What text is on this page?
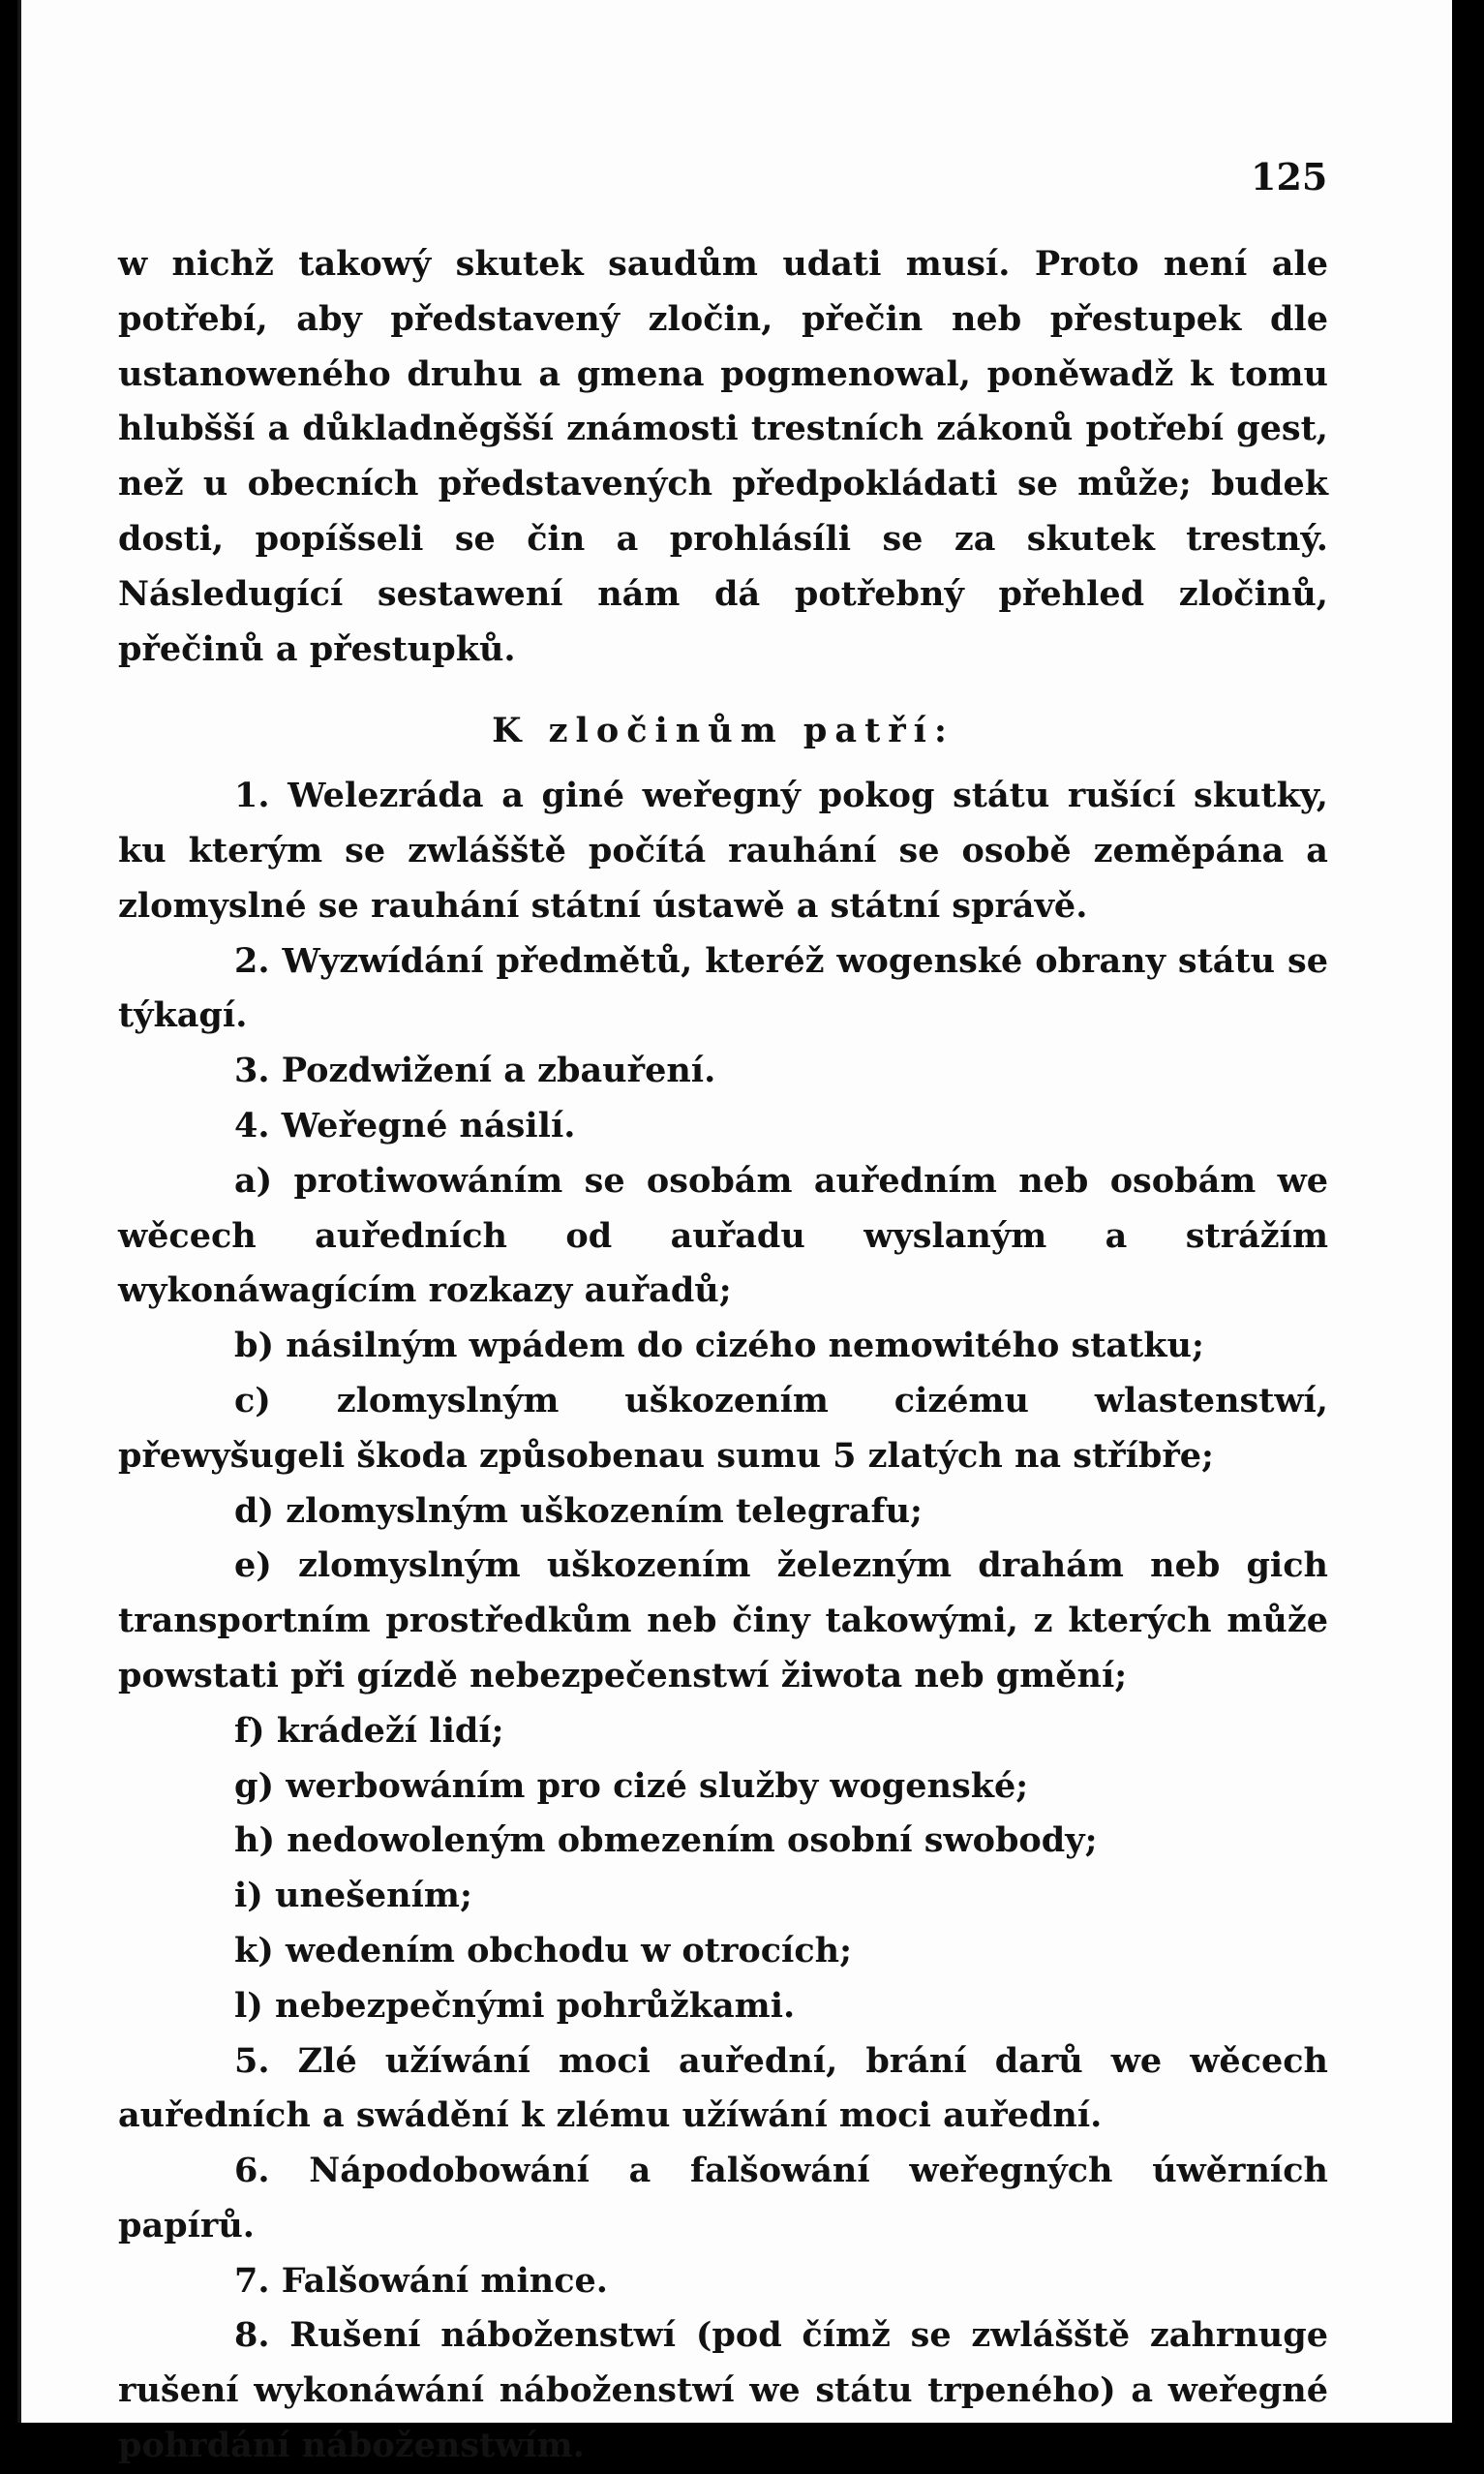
125

w nichž takowý skutek saudům udati musí. Proto není ale potřebí, aby představený zločin, přečin neb přestupek dle ustanoweného druhu a gmena pogmenowal, poněwadž k tomu hlubšší a důkladněgšší známosti trestních zákonů potřebí gest, než u obecních představených předpokládati se může; budek dosti, popíšseli se čin a prohlásíli se za skutek trestný. Následugící sestawení nám dá potřebný přehled zločinů, přečinů a přestupků.

K zločinům patří:

1. Welezráda a giné weřegný pokog státu rušící skutky, ku kterým se zwlášště počítá rauhání se osobě zeměpána a zlomyslné se rauhání státní ústawě a státní správě.

2. Wyzwídání předmětů, kteréž wogenské obrany státu se týkagí.

3. Pozdwižení a zbauření.

4. Weřegné násilí.

a) protiwowáním se osobám auředním neb osobám we wěcech auředních od auřadu wyslaným a strážím wykonáwagícím rozkazy auřadů;

b) násilným wpádem do cizého nemowitého statku;

c) zlomyslným uškozením cizému wlastenstwí, přewyšugeli škoda způsobenau sumu 5 zlatých na stříbře;

d) zlomyslným uškozením telegrafu;

e) zlomyslným uškozením železným drahám neb gich transportním prostředkům neb činy takowými, z kterých může powstati při gízdě nebezpečenstwí žiwota neb gmění;

f) krádeží lidí;

g) werbowáním pro cizé služby wogenské;

h) nedowoleným obmezením osobní swobody;

i) unešením;

k) wedením obchodu w otrocích;

l) nebezpečnými pohrůžkami.

5. Zlé užíwání moci auřední, brání darů we wěcech auředních a swádění k zlému užíwání moci auřední.

6. Nápodobowání a falšowání weřegných úwěrních papírů.

7. Falšowání mince.

8. Rušení náboženstwí (pod čímž se zwlášště zahrnuge rušení wykonáwání náboženstwí we státu trpeného) a weřegné pohrdání náboženstwím.
